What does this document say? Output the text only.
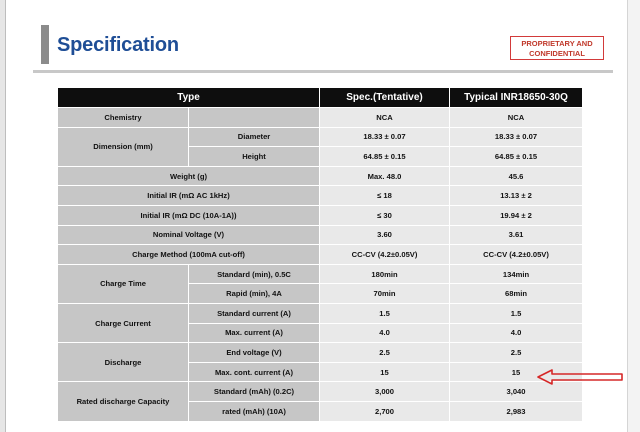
Specification	PROPRIETARY AND
CONFIDENTIAL
Type		Spec.(Tentative)	Typical INR18650-30Q
Chemistry		NCA	NCA
Dimension (mm)	Diameter	18.33 ± 0.07	18.33 ± 0.07
	Height	64.85 ± 0.15	64.85 ± 0.15
Weight (g)		Max. 48.0	45.6
Initial IR (mΩ AC 1kHz)		≤ 18	13.13 ± 2
Initial IR (mΩ DC (10A-1A))		≤ 30	19.94 ± 2
Nominal Voltage (V)		3.60	3.61
Charge Method (100mA cut-off)		CC-CV (4.2±0.05V)	CC-CV (4.2±0.05V)
Charge Time	Standard (min), 0.5C	180min	134min
	Rapid (min), 4A	70min	68min
Charge Current	Standard current (A)	1.5	1.5
	Max. current (A)	4.0	4.0
Discharge	End voltage (V)	2.5	2.5
	Max. cont. current (A)	15	15
Rated discharge Capacity	Standard (mAh) (0.2C)	3,000	3,040
	rated (mAh) (10A)	2,700	2,983
